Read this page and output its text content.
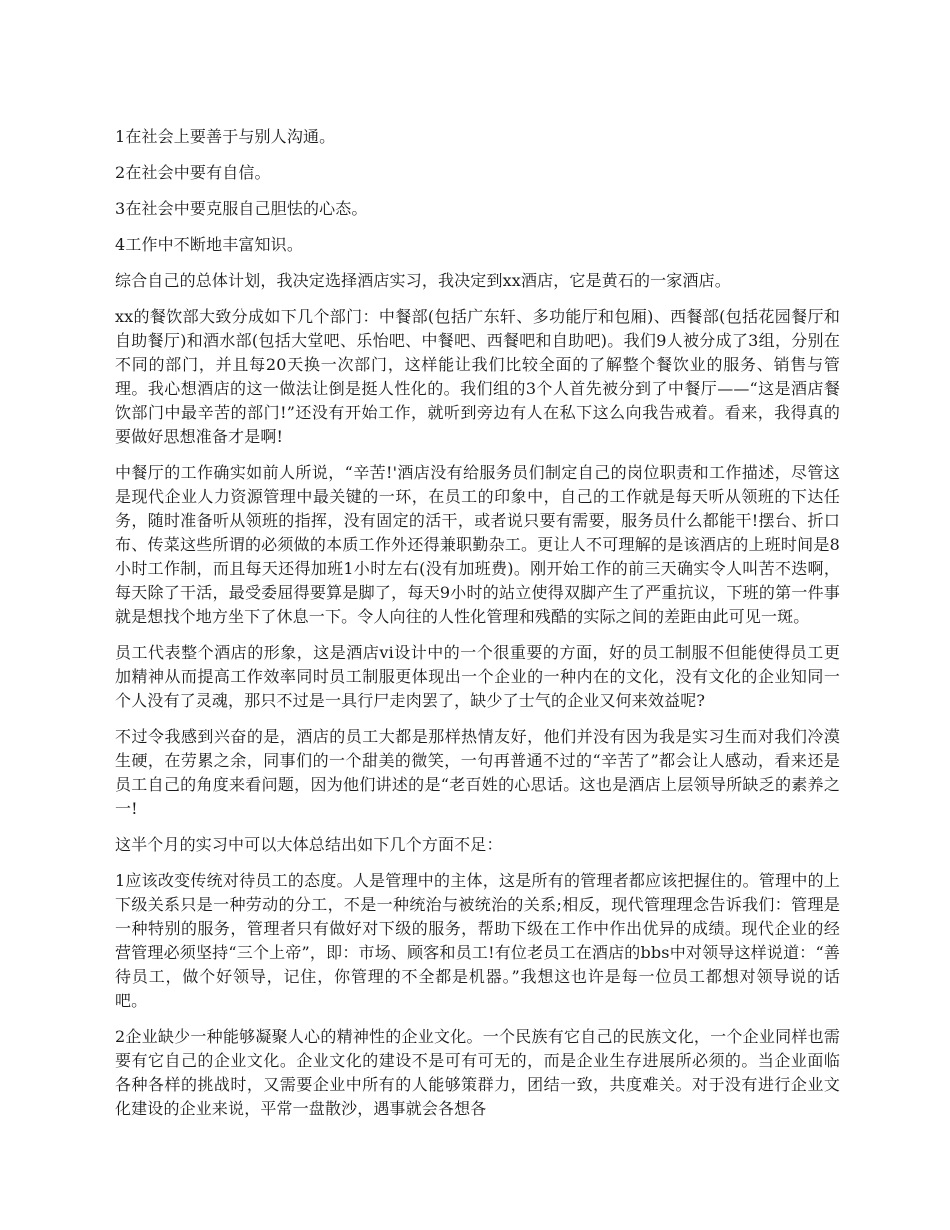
1在社会上要善于与别人沟通。

2在社会中要有自信。

3在社会中要克服自己胆怯的心态。

4工作中不断地丰富知识。

综合自己的总体计划，我决定选择酒店实习，我决定到xx酒店，它是黄石的一家酒店。

xx的餐饮部大致分成如下几个部门：中餐部(包括广东轩、多功能厅和包厢)、西餐部(包括花园餐厅和自助餐厅)和酒水部(包括大堂吧、乐怡吧、中餐吧、西餐吧和自助吧)。我们9人被分成了3组，分别在不同的部门，并且每20天换一次部门，这样能让我们比较全面的了解整个餐饮业的服务、销售与管理。我心想酒店的这一做法让倒是挺人性化的。我们组的3个人首先被分到了中餐厅——“这是酒店餐饮部门中最辛苦的部门!”还没有开始工作，就听到旁边有人在私下这么向我告戒着。看来，我得真的要做好思想准备才是啊!

中餐厅的工作确实如前人所说，“辛苦!'酒店没有给服务员们制定自己的岗位职责和工作描述，尽管这是现代企业人力资源管理中最关键的一环，在员工的印象中，自己的工作就是每天听从领班的下达任务，随时准备听从领班的指挥，没有固定的活干，或者说只要有需要，服务员什么都能干!摆台、折口布、传菜这些所谓的必须做的本质工作外还得兼职勤杂工。更让人不可理解的是该酒店的上班时间是8小时工作制，而且每天还得加班1小时左右(没有加班费)。刚开始工作的前三天确实令人叫苦不迭啊，每天除了干活，最受委屈得要算是脚了，每天9小时的站立使得双脚产生了严重抗议，下班的第一件事就是想找个地方坐下了休息一下。令人向往的人性化管理和残酷的实际之间的差距由此可见一斑。

员工代表整个酒店的形象，这是酒店vi设计中的一个很重要的方面，好的员工制服不但能使得员工更加精神从而提高工作效率同时员工制服更体现出一个企业的一种内在的文化，没有文化的企业知同一个人没有了灵魂，那只不过是一具行尸走肉罢了，缺少了士气的企业又何来效益呢?

不过令我感到兴奋的是，酒店的员工大都是那样热情友好，他们并没有因为我是实习生而对我们冷漠生硬，在劳累之余，同事们的一个甜美的微笑，一句再普通不过的“辛苦了”都会让人感动，看来还是员工自己的角度来看问题，因为他们讲述的是“老百姓的心思话。这也是酒店上层领导所缺乏的素养之一!

这半个月的实习中可以大体总结出如下几个方面不足：

1应该改变传统对待员工的态度。人是管理中的主体，这是所有的管理者都应该把握住的。管理中的上下级关系只是一种劳动的分工，不是一种统治与被统治的关系;相反，现代管理理念告诉我们：管理是一种特别的服务，管理者只有做好对下级的服务，帮助下级在工作中作出优异的成绩。现代企业的经营管理必须坚持“三个上帝”，即：市场、顾客和员工!有位老员工在酒店的bbs中对领导这样说道：“善待员工，做个好领导，记住，你管理的不全都是机器。”我想这也许是每一位员工都想对领导说的话吧。

2企业缺少一种能够凝聚人心的精神性的企业文化。一个民族有它自己的民族文化，一个企业同样也需要有它自己的企业文化。企业文化的建设不是可有可无的，而是企业生存进展所必须的。当企业面临各种各样的挑战时，又需要企业中所有的人能够策群力，团结一致，共度难关。对于没有进行企业文化建设的企业来说，平常一盘散沙，遇事就会各想各
